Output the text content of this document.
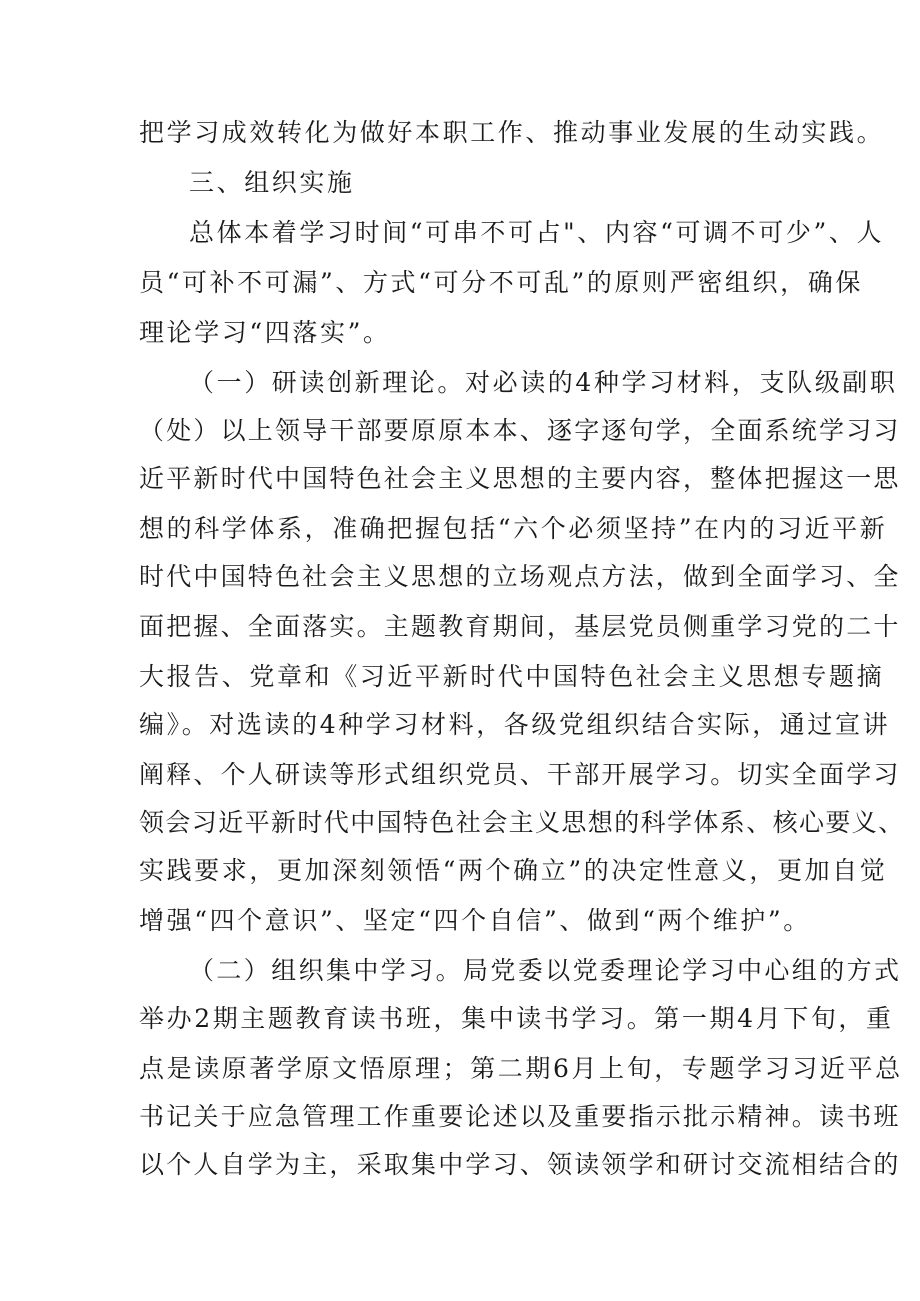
把学习成效转化为做好本职工作、推动事业发展的生动实践。
三、组织实施
总体本着学习时间“可串不可占"、内容“可调不可少”、人
员“可补不可漏”、方式“可分不可乱”的原则严密组织，确保
理论学习“四落实”。
（一）研读创新理论。对必读的4种学习材料，支队级副职
（处）以上领导干部要原原本本、逐字逐句学，全面系统学习习
近平新时代中国特色社会主义思想的主要内容，整体把握这一思
想的科学体系，准确把握包括“六个必须坚持”在内的习近平新
时代中国特色社会主义思想的立场观点方法，做到全面学习、全
面把握、全面落实。主题教育期间，基层党员侧重学习党的二十
大报告、党章和《习近平新时代中国特色社会主义思想专题摘
编》。对选读的4种学习材料，各级党组织结合实际，通过宣讲
阐释、个人研读等形式组织党员、干部开展学习。切实全面学习
领会习近平新时代中国特色社会主义思想的科学体系、核心要义、
实践要求，更加深刻领悟“两个确立”的决定性意义，更加自觉
增强“四个意识”、坚定“四个自信”、做到“两个维护”。
（二）组织集中学习。局党委以党委理论学习中心组的方式
举办2期主题教育读书班，集中读书学习。第一期4月下旬，重
点是读原著学原文悟原理；第二期6月上旬，专题学习习近平总
书记关于应急管理工作重要论述以及重要指示批示精神。读书班
以个人自学为主，采取集中学习、领读领学和研讨交流相结合的
